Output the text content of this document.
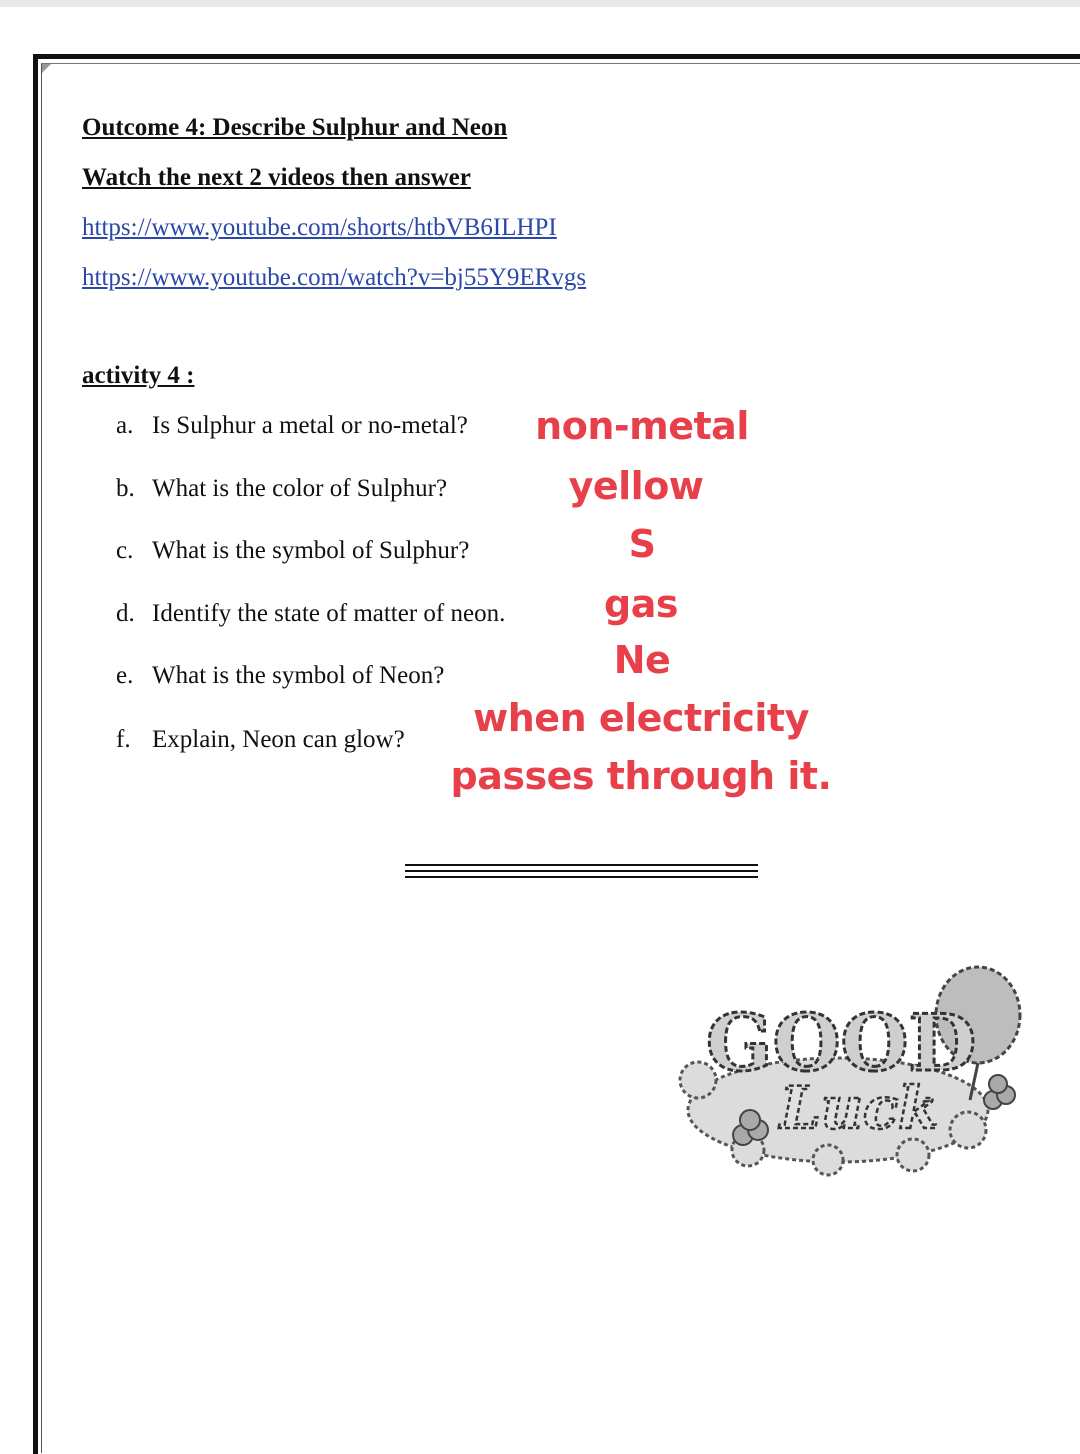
Outcome 4: Describe Sulphur and Neon
Watch the next 2 videos then answer
https://www.youtube.com/shorts/htbVB6ILHPI
https://www.youtube.com/watch?v=bj55Y9ERvgs
activity 4 :
a. Is Sulphur a metal or no-metal?
b. What is the color of Sulphur?
c. What is the symbol of Sulphur?
d. Identify the state of matter of neon.
e. What is the symbol of Neon?
f. Explain, Neon can glow?
non-metal
yellow
S
gas
Ne
when electricity
passes through it.
GOOD
Luck
